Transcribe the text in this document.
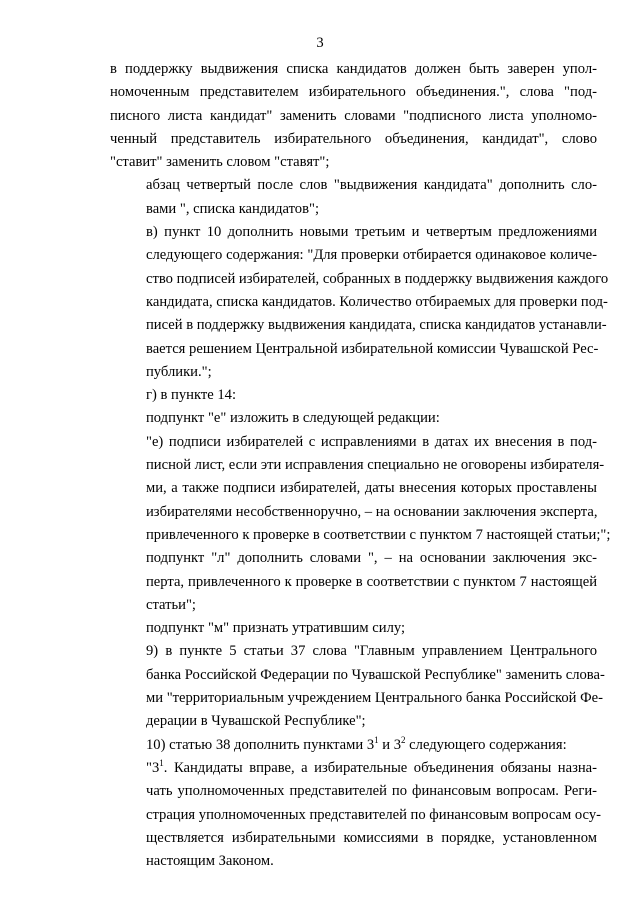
3

в поддержку выдвижения списка кандидатов должен быть заверен упол-
номоченным представителем избирательного объединения.", слова "под-
писного листа кандидат" заменить словами "подписного листа уполномо-
ченный представитель избирательного объединения, кандидат", слово
"ставит" заменить словом "ставят";

абзац четвертый после слов "выдвижения кандидата" дополнить сло-
вами ", списка кандидатов";

в) пункт 10 дополнить новыми третьим и четвертым предложениями
следующего содержания: "Для проверки отбирается одинаковое количе-
ство подписей избирателей, собранных в поддержку выдвижения каждого
кандидата, списка кандидатов. Количество отбираемых для проверки под-
писей в поддержку выдвижения кандидата, списка кандидатов устанавли-
вается решением Центральной избирательной комиссии Чувашской Рес-
публики.";

г) в пункте 14:

подпункт "е" изложить в следующей редакции:

"е) подписи избирателей с исправлениями в датах их внесения в под-
писной лист, если эти исправления специально не оговорены избирателя-
ми, а также подписи избирателей, даты внесения которых проставлены
избирателями несобственноручно, – на основании заключения эксперта,
привлеченного к проверке в соответствии с пунктом 7 настоящей статьи;";

подпункт "л" дополнить словами ", – на основании заключения экс-
перта, привлеченного к проверке в соответствии с пунктом 7 настоящей
статьи";

подпункт "м" признать утратившим силу;

9) в пункте 5 статьи 37 слова "Главным управлением Центрального
банка Российской Федерации по Чувашской Республике" заменить слова-
ми "территориальным учреждением Центрального банка Российской Фе-
дерации в Чувашской Республике";

10) статью 38 дополнить пунктами $3^1$ и $3^2$ следующего содержания:

"$3^1$. Кандидаты вправе, а избирательные объединения обязаны назна-
чать уполномоченных представителей по финансовым вопросам. Реги-
страция уполномоченных представителей по финансовым вопросам осу-
ществляется избирательными комиссиями в порядке, установленном
настоящим Законом.
